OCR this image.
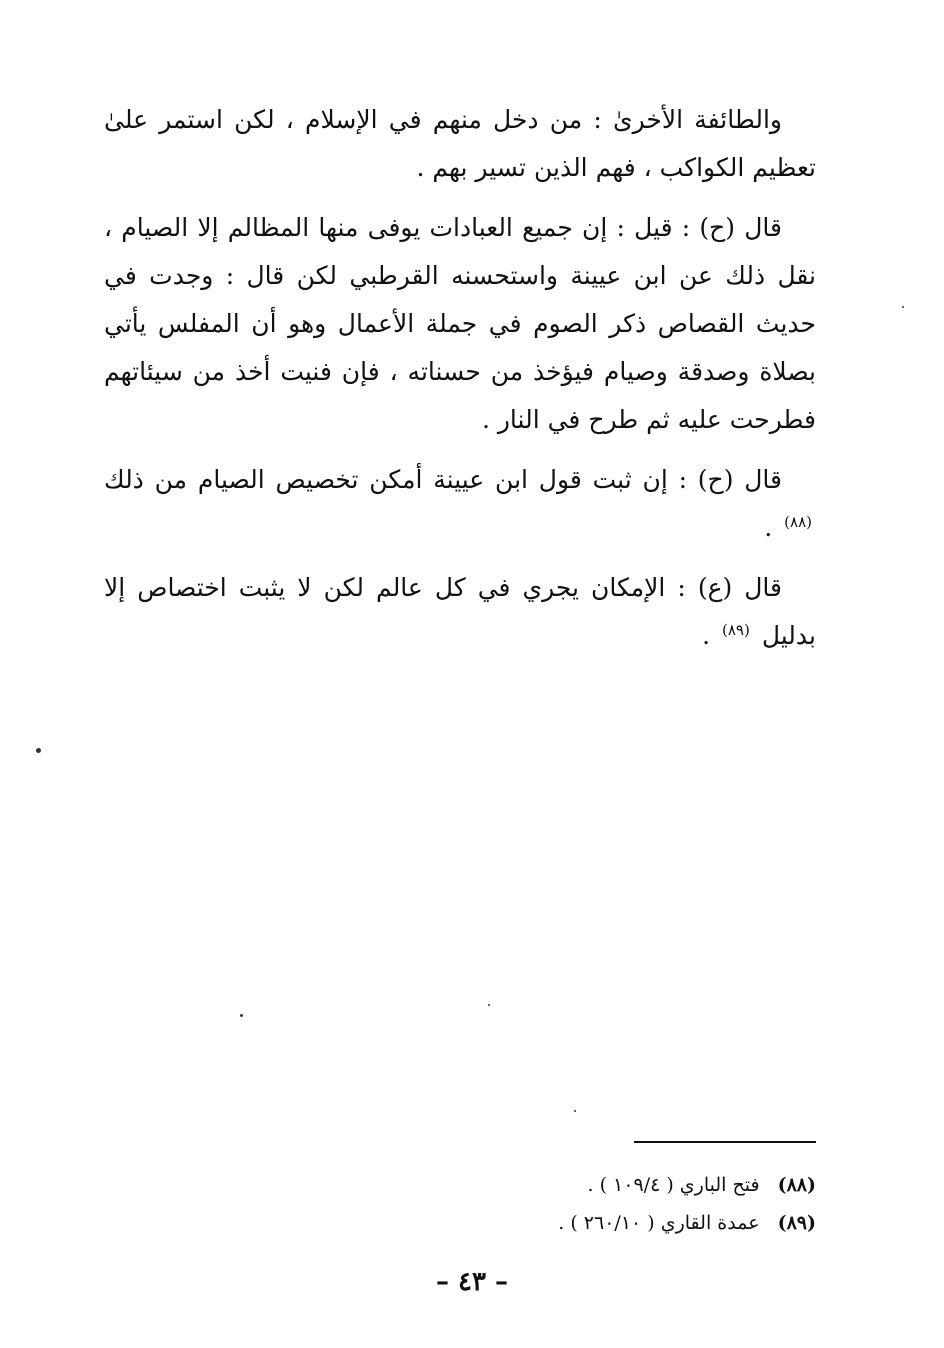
والطائفة الأخرىٰ : من دخل منهم في الإسلام ، لكن استمر علىٰ تعظيم الكواكب ، فهم الذين تسير بهم .

قال (ح) : قيل : إن جميع العبادات يوفى منها المظالم إلا الصيام ، نقل ذلك عن ابن عيينة واستحسنه القرطبي لكن قال : وجدت في حديث القصاص ذكر الصوم في جملة الأعمال وهو أن المفلس يأتي بصلاة وصدقة وصيام فيؤخذ من حسناته ، فإن فنيت أخذ من سيئاتهم فطرحت عليه ثم طرح في النار .

قال (ح) : إن ثبت قول ابن عيينة أمكن تخصيص الصيام من ذلك $^{(٨٨)}$ .

قال (ع) : الإمكان يجري في كل عالم لكن لا يثبت اختصاص إلا بدليل $^{(٨٩)}$ .

(٨٨) فتح الباري ( ١٠٩/٤ ) .
(٨٩) عمدة القاري ( ٢٦٠/١٠ ) .
– ٤٣ –
